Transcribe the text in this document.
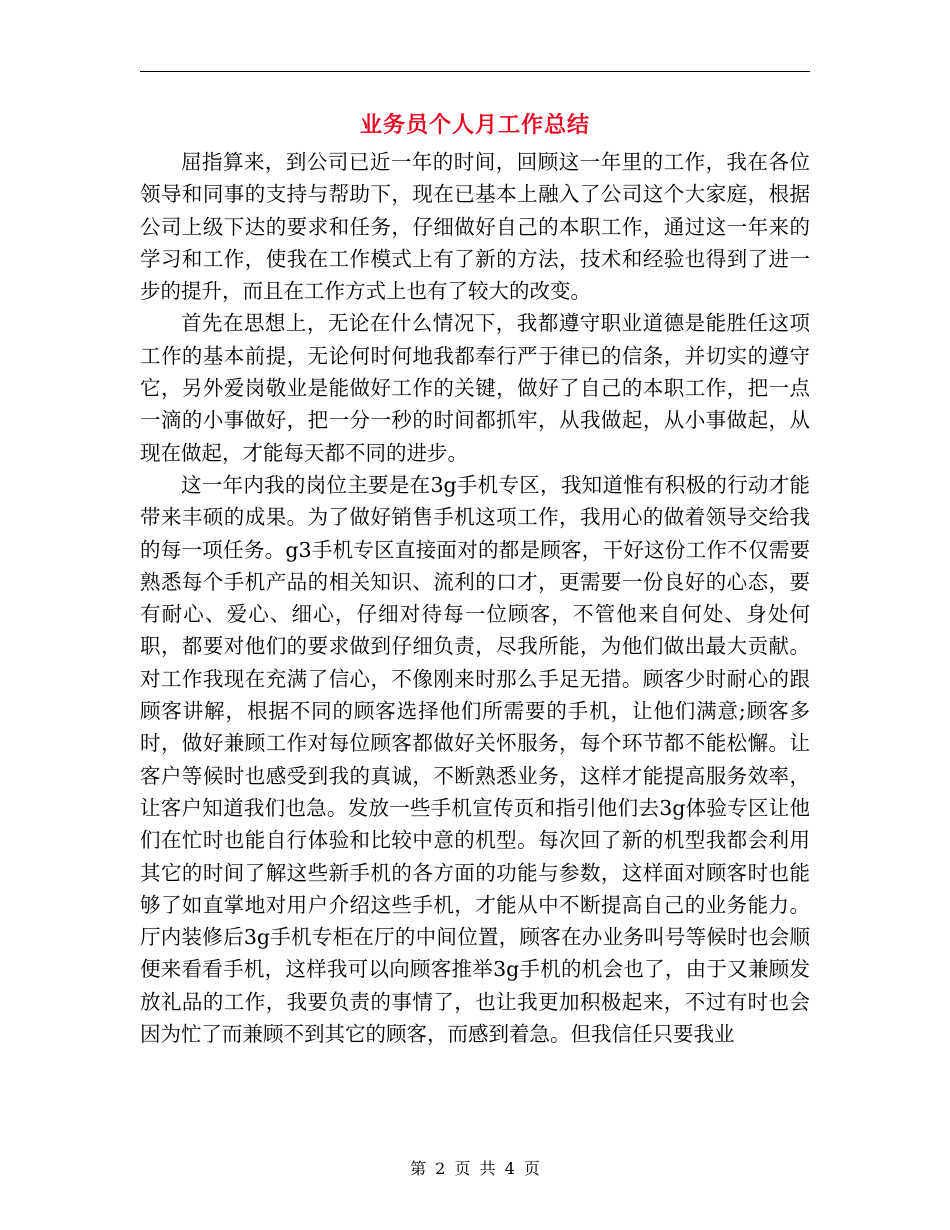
业务员个人月工作总结

屈指算来，到公司已近一年的时间，回顾这一年里的工作，我在各位领导和同事的支持与帮助下，现在已基本上融入了公司这个大家庭，根据公司上级下达的要求和任务，仔细做好自己的本职工作，通过这一年来的学习和工作，使我在工作模式上有了新的方法，技术和经验也得到了进一步的提升，而且在工作方式上也有了较大的改变。

首先在思想上，无论在什么情况下，我都遵守职业道德是能胜任这项工作的基本前提，无论何时何地我都奉行严于律已的信条，并切实的遵守它，另外爱岗敬业是能做好工作的关键，做好了自己的本职工作，把一点一滴的小事做好，把一分一秒的时间都抓牢，从我做起，从小事做起，从现在做起，才能每天都不同的进步。

这一年内我的岗位主要是在3g手机专区，我知道惟有积极的行动才能带来丰硕的成果。为了做好销售手机这项工作，我用心的做着领导交给我的每一项任务。g3手机专区直接面对的都是顾客，干好这份工作不仅需要熟悉每个手机产品的相关知识、流利的口才，更需要一份良好的心态，要有耐心、爱心、细心，仔细对待每一位顾客，不管他来自何处、身处何职，都要对他们的要求做到仔细负责，尽我所能，为他们做出最大贡献。对工作我现在充满了信心，不像刚来时那么手足无措。顾客少时耐心的跟顾客讲解，根据不同的顾客选择他们所需要的手机，让他们满意;顾客多时，做好兼顾工作对每位顾客都做好关怀服务，每个环节都不能松懈。让客户等候时也感受到我的真诚，不断熟悉业务，这样才能提高服务效率，让客户知道我们也急。发放一些手机宣传页和指引他们去3g体验专区让他们在忙时也能自行体验和比较中意的机型。每次回了新的机型我都会利用其它的时间了解这些新手机的各方面的功能与参数，这样面对顾客时也能够了如直掌地对用户介绍这些手机，才能从中不断提高自己的业务能力。厅内装修后3g手机专柜在厅的中间位置，顾客在办业务叫号等候时也会顺便来看看手机，这样我可以向顾客推举3g手机的机会也了，由于又兼顾发放礼品的工作，我要负责的事情了，也让我更加积极起来，不过有时也会因为忙了而兼顾不到其它的顾客，而感到着急。但我信任只要我业

第 2 页 共 4 页
